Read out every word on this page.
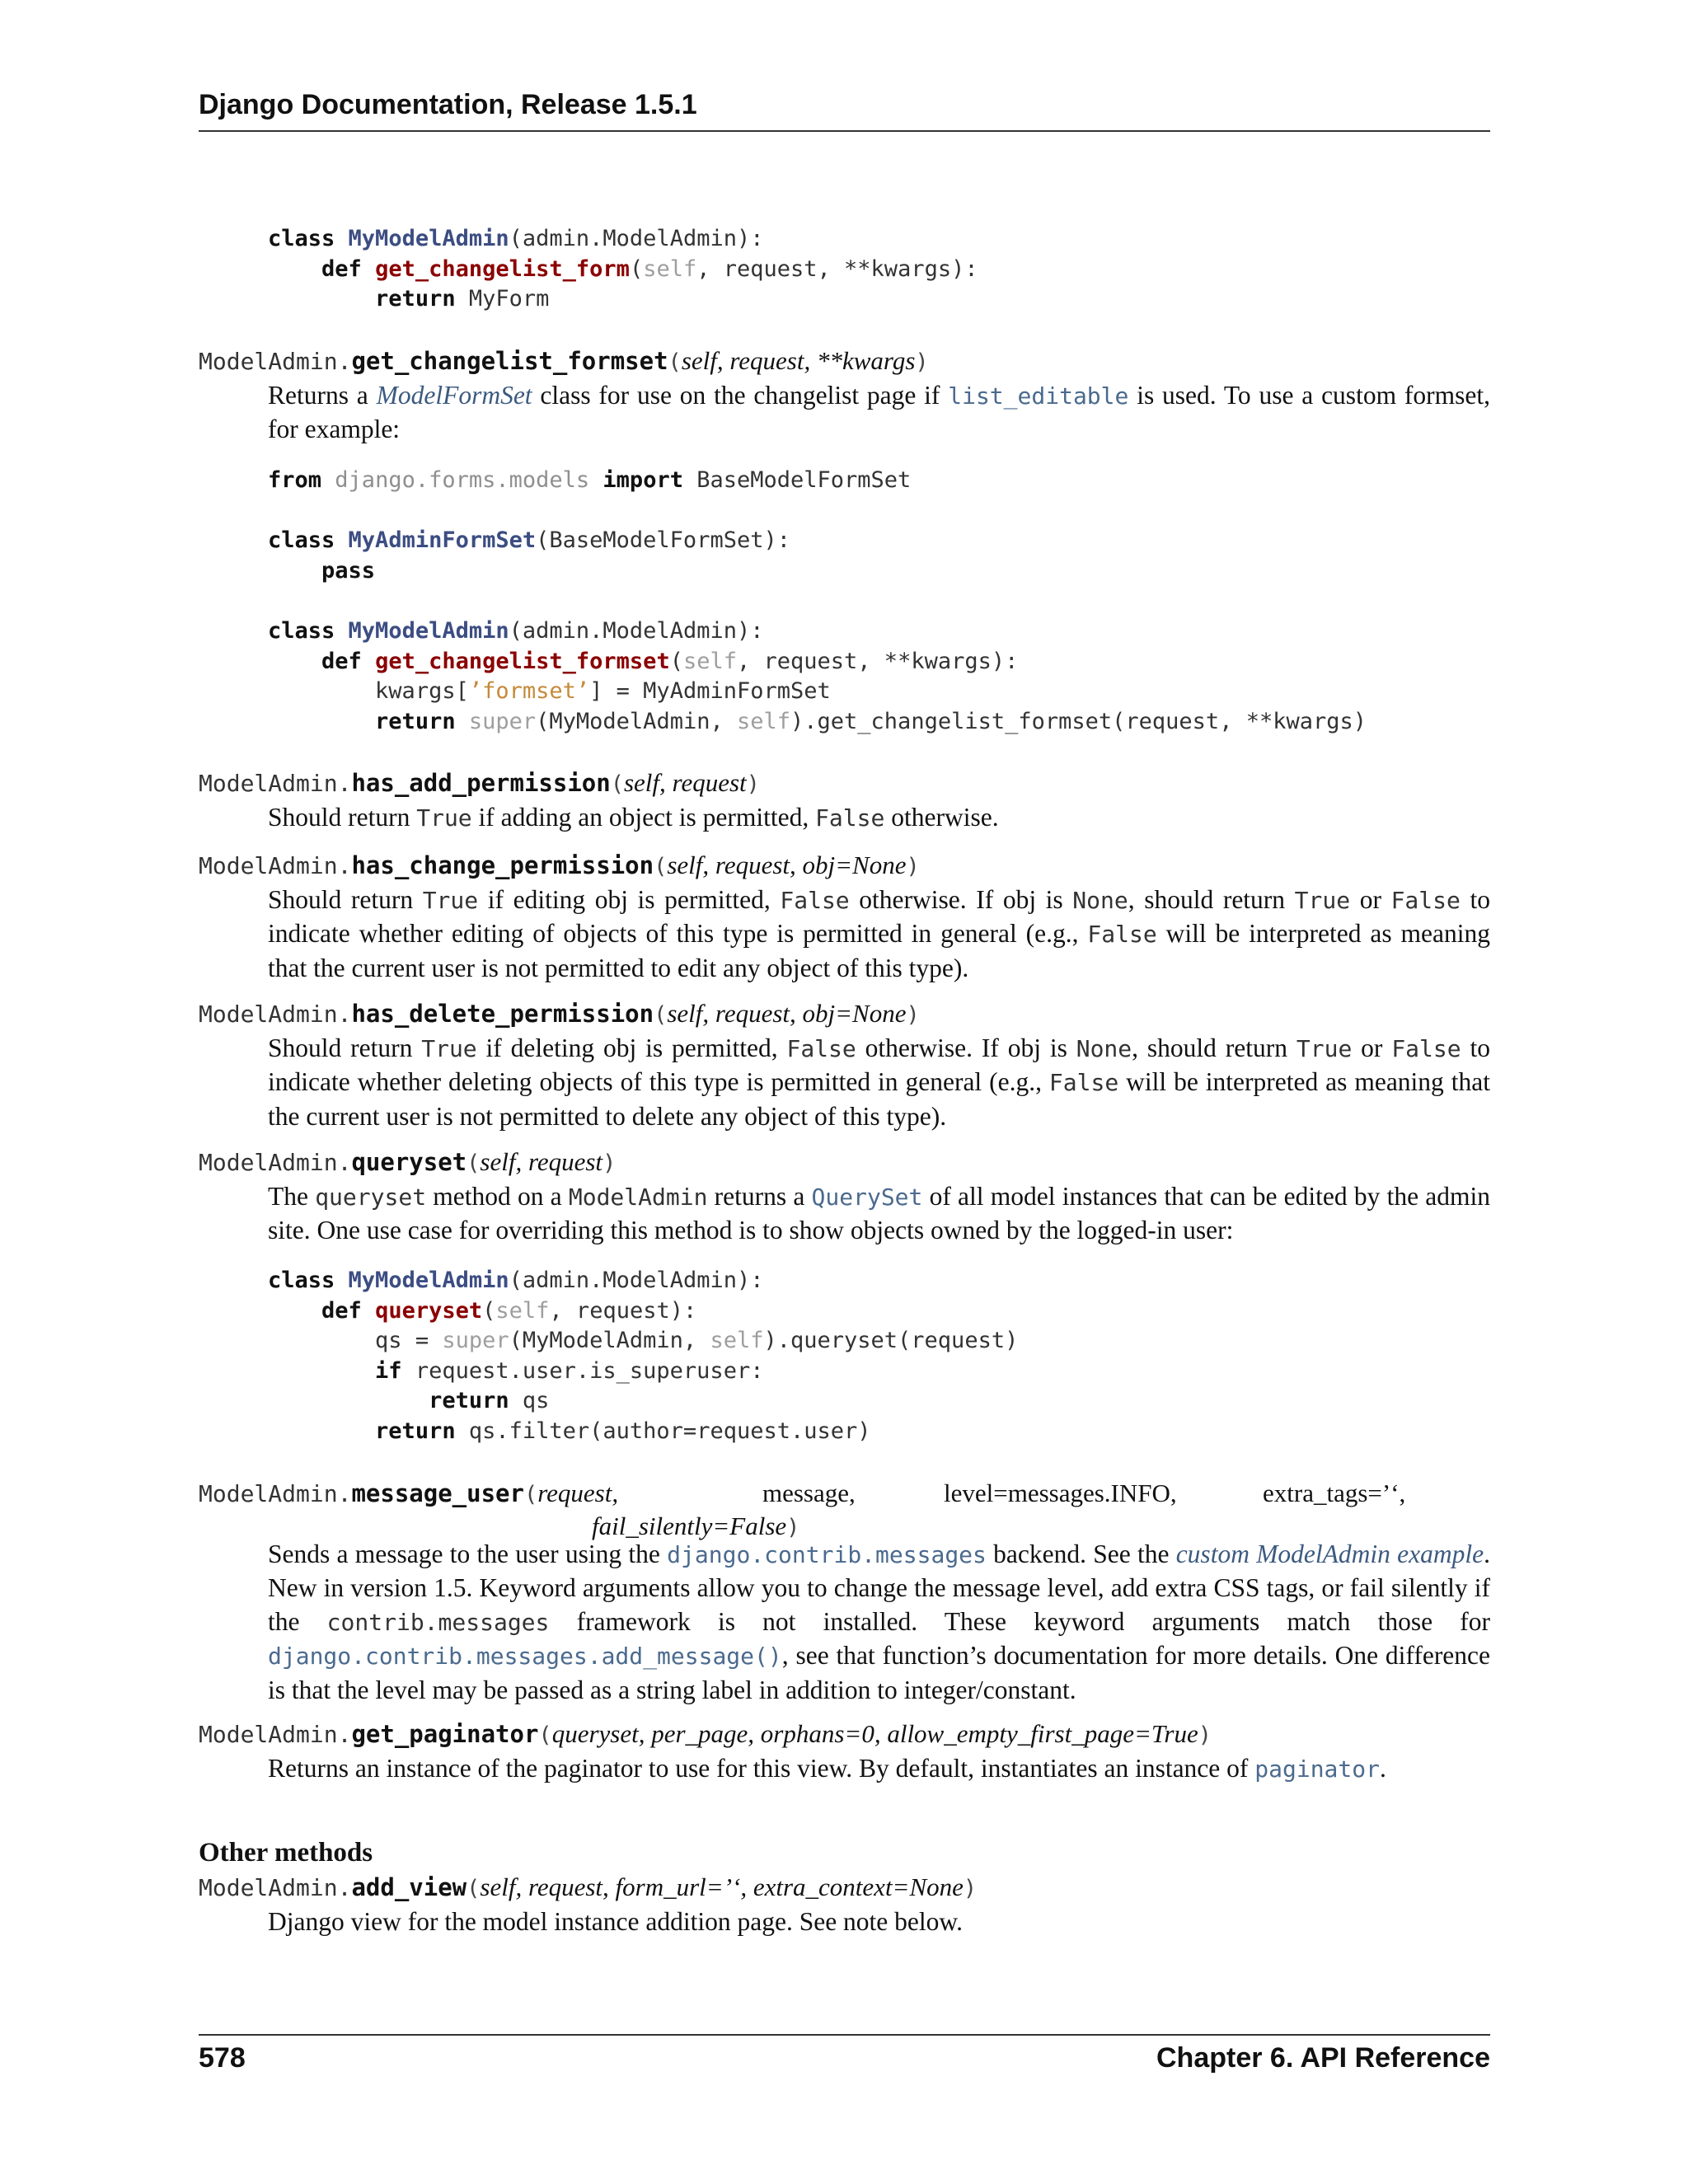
Django Documentation, Release 1.5.1
class MyModelAdmin(admin.ModelAdmin):
def get_changelist_form(self, request, **kwargs):
return MyForm
ModelAdmin.get_changelist_formset(self, request, **kwargs)
Returns a ModelFormSet class for use on the changelist page if list_editable is used. To use a custom formset, for example:
from django.forms.models import BaseModelFormSet

class MyAdminFormSet(BaseModelFormSet):
pass

class MyModelAdmin(admin.ModelAdmin):
def get_changelist_formset(self, request, **kwargs):
kwargs[’formset’] = MyAdminFormSet
return super(MyModelAdmin, self).get_changelist_formset(request, **kwargs)
ModelAdmin.has_add_permission(self, request)
Should return True if adding an object is permitted, False otherwise.
ModelAdmin.has_change_permission(self, request, obj=None)
Should return True if editing obj is permitted, False otherwise. If obj is None, should return True or False to indicate whether editing of objects of this type is permitted in general (e.g., False will be interpreted as meaning that the current user is not permitted to edit any object of this type).
ModelAdmin.has_delete_permission(self, request, obj=None)
Should return True if deleting obj is permitted, False otherwise. If obj is None, should return True or False to indicate whether deleting objects of this type is permitted in general (e.g., False will be interpreted as meaning that the current user is not permitted to delete any object of this type).
ModelAdmin.queryset(self, request)
The queryset method on a ModelAdmin returns a QuerySet of all model instances that can be edited by the admin site. One use case for overriding this method is to show objects owned by the logged-in user:
class MyModelAdmin(admin.ModelAdmin):
def queryset(self, request):
qs = super(MyModelAdmin, self).queryset(request)
if request.user.is_superuser:
return qs
return qs.filter(author=request.user)
ModelAdmin.message_user(request,	message,	level=messages.INFO,	extra_tags=’‘,
fail_silently=False)
Sends a message to the user using the django.contrib.messages backend. See the custom ModelAdmin example. New in version 1.5. Keyword arguments allow you to change the message level, add extra CSS tags, or fail silently if the contrib.messages framework is not installed. These keyword arguments match those for django.contrib.messages.add_message(), see that function’s documentation for more details. One difference is that the level may be passed as a string label in addition to integer/constant.
ModelAdmin.get_paginator(queryset, per_page, orphans=0, allow_empty_first_page=True)
Returns an instance of the paginator to use for this view. By default, instantiates an instance of paginator.
Other methods
ModelAdmin.add_view(self, request, form_url=’‘, extra_context=None)
Django view for the model instance addition page. See note below.
578	Chapter 6. API Reference
